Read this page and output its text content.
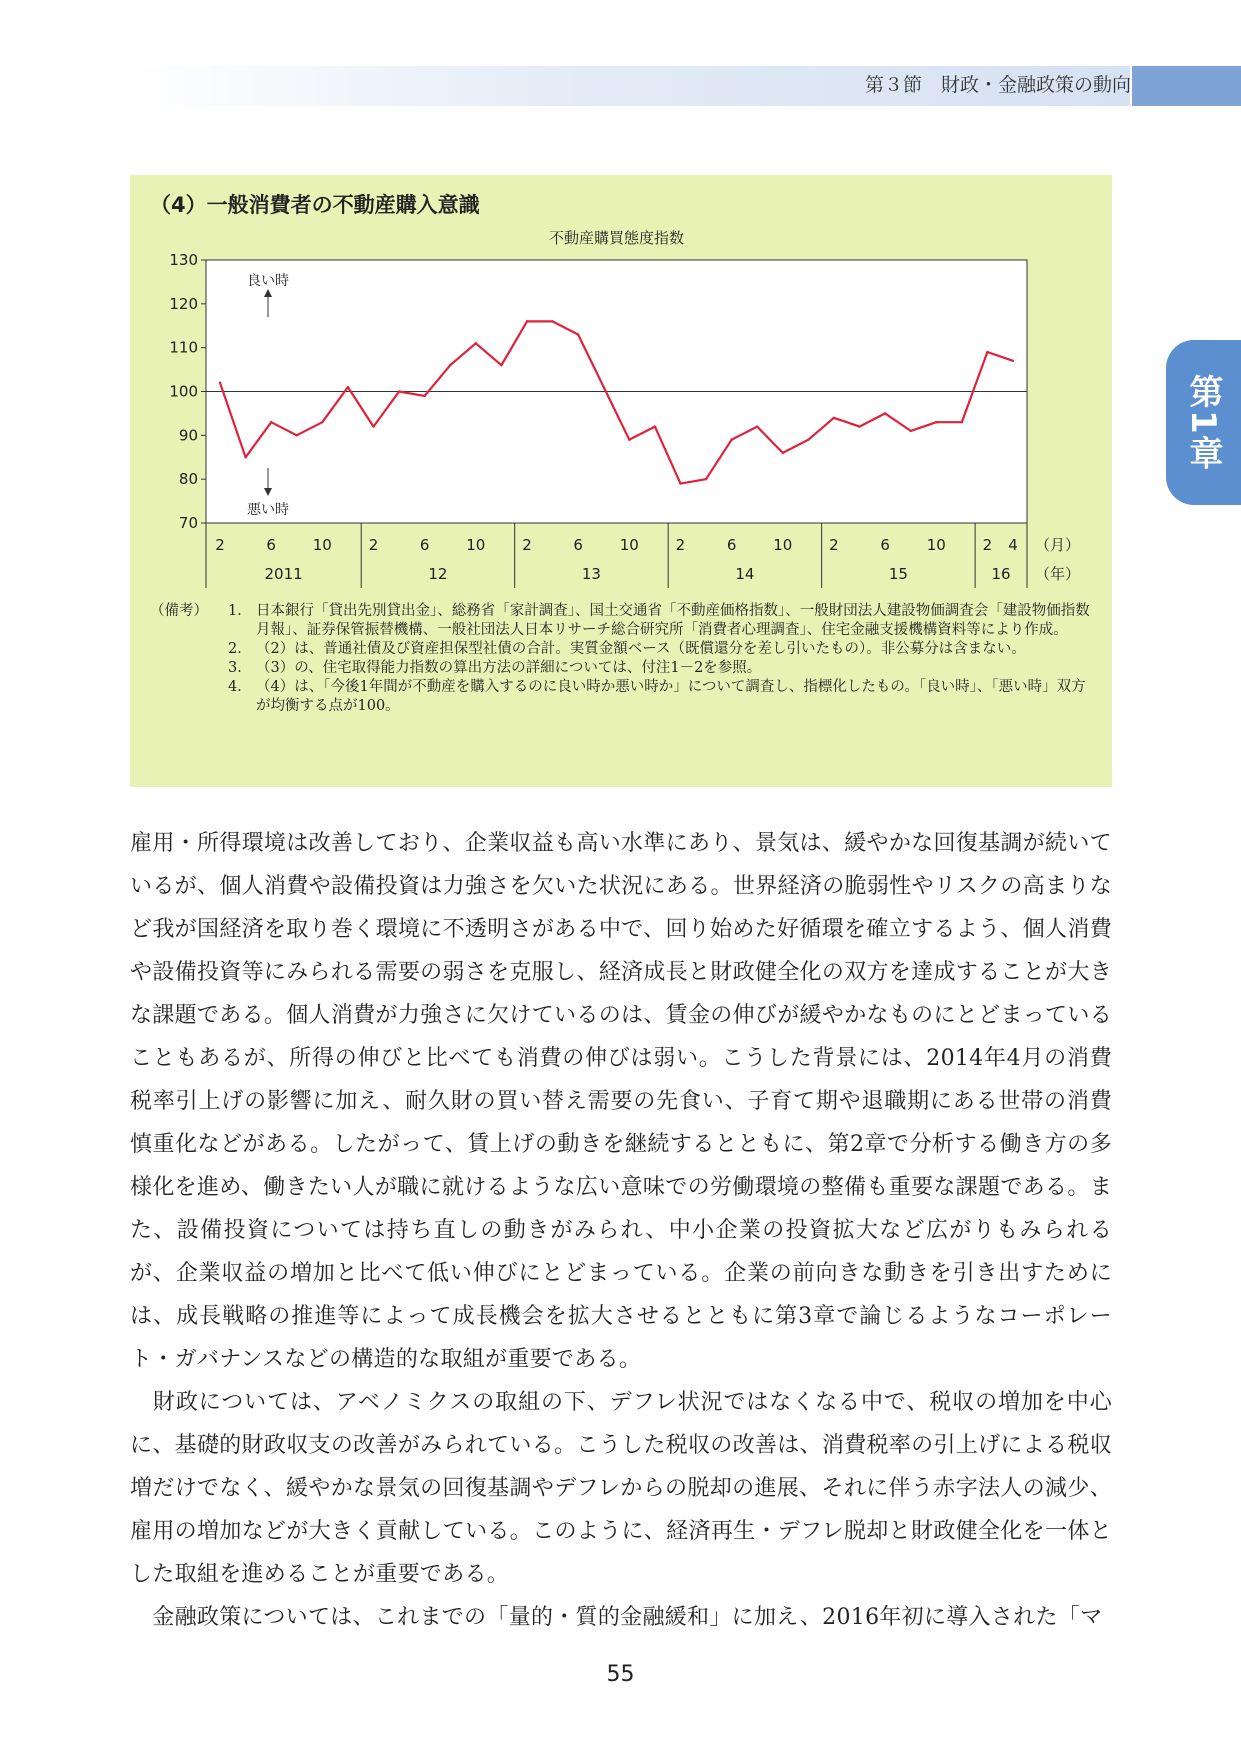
第３節　財政・金融政策の動向
第1章
（4）一般消費者の不動産購入意識
不動産購買態度指数
70
80
90
100
110
120
130
良い時
悪い時
2	6 10
2011
2	6 10
12
2	6 10
13
2	6 10
14
2	6 10
15
2 4
16
（月）
（年）
（備考）	1． 日本銀行「貸出先別貸出金」、総務省「家計調査」、国土交通省「不動産価格指数」、一般財団法人建設物価調査会「建設物価指数月報」、証券保管振替機構、一般社団法人日本リサーチ総合研究所「消費者心理調査」、住宅金融支援機構資料等により作成。
2． （2）は、普通社債及び資産担保型社債の合計。実質金額ベース（既償還分を差し引いたもの）。非公募分は含まない。
3． （3）の、住宅取得能力指数の算出方法の詳細については、付注1－2を参照。
4． （4）は、「今後1年間が不動産を購入するのに良い時か悪い時か」について調査し、指標化したもの。「良い時」、「悪い時」双方が均衡する点が100。

雇用・所得環境は改善しており、企業収益も高い水準にあり、景気は、緩やかな回復基調が続いているが、個人消費や設備投資は力強さを欠いた状況にある。世界経済の脆弱性やリスクの高まりなど我が国経済を取り巻く環境に不透明さがある中で、回り始めた好循環を確立するよう、個人消費や設備投資等にみられる需要の弱さを克服し、経済成長と財政健全化の双方を達成することが大きな課題である。個人消費が力強さに欠けているのは、賃金の伸びが緩やかなものにとどまっていることもあるが、所得の伸びと比べても消費の伸びは弱い。こうした背景には、2014年4月の消費税率引上げの影響に加え、耐久財の買い替え需要の先食い、子育て期や退職期にある世帯の消費慎重化などがある。したがって、賃上げの動きを継続するとともに、第2章で分析する働き方の多様化を進め、働きたい人が職に就けるような広い意味での労働環境の整備も重要な課題である。また、設備投資については持ち直しの動きがみられ、中小企業の投資拡大など広がりもみられるが、企業収益の増加と比べて低い伸びにとどまっている。企業の前向きな動きを引き出すためには、成長戦略の推進等によって成長機会を拡大させるとともに第3章で論じるようなコーポレート・ガバナンスなどの構造的な取組が重要である。

　財政については、アベノミクスの取組の下、デフレ状況ではなくなる中で、税収の増加を中心に、基礎的財政収支の改善がみられている。こうした税収の改善は、消費税率の引上げによる税収増だけでなく、緩やかな景気の回復基調やデフレからの脱却の進展、それに伴う赤字法人の減少、雇用の増加などが大きく貢献している。このように、経済再生・デフレ脱却と財政健全化を一体とした取組を進めることが重要である。

　金融政策については、これまでの「量的・質的金融緩和」に加え、2016年初に導入された「マ

55
